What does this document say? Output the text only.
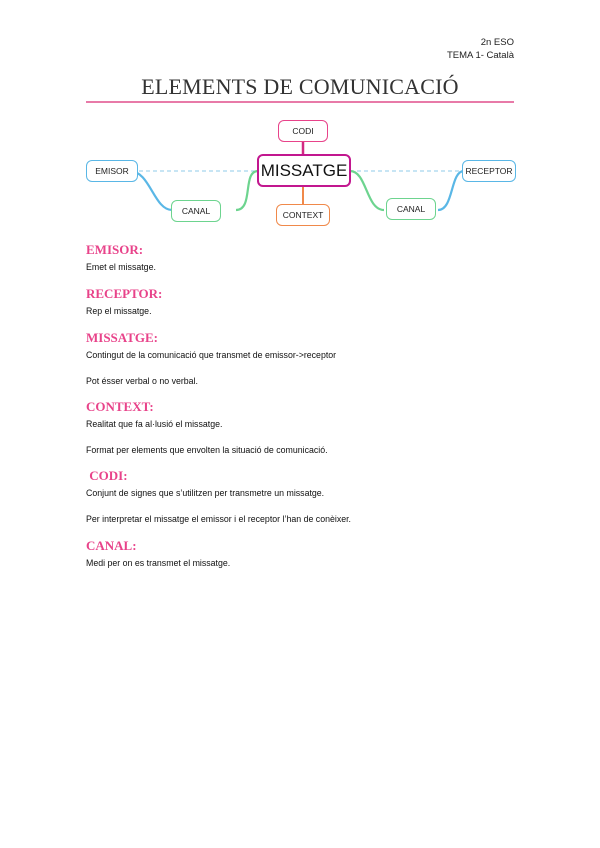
2n ESO
TEMA 1- Català
ELEMENTS DE COMUNICACIÓ
CODI
MISSATGE
CONTEXT
EMISOR
CANAL	CANAL
RECEPTOR

EMISOR:

Emet el missatge.

RECEPTOR:

Rep el missatge.

MISSATGE:

Contingut de la comunicació que transmet de emissor->receptor

Pot ésser verbal o no verbal.

CONTEXT:

Realitat que fa al·lusió el missatge.

Format per elements que envolten la situació de comunicació.

CODI:

Conjunt de signes que s’utilitzen per transmetre un missatge.

Per interpretar el missatge el emissor i el receptor l’han de conèixer.

CANAL:

Medi per on es transmet el missatge.
